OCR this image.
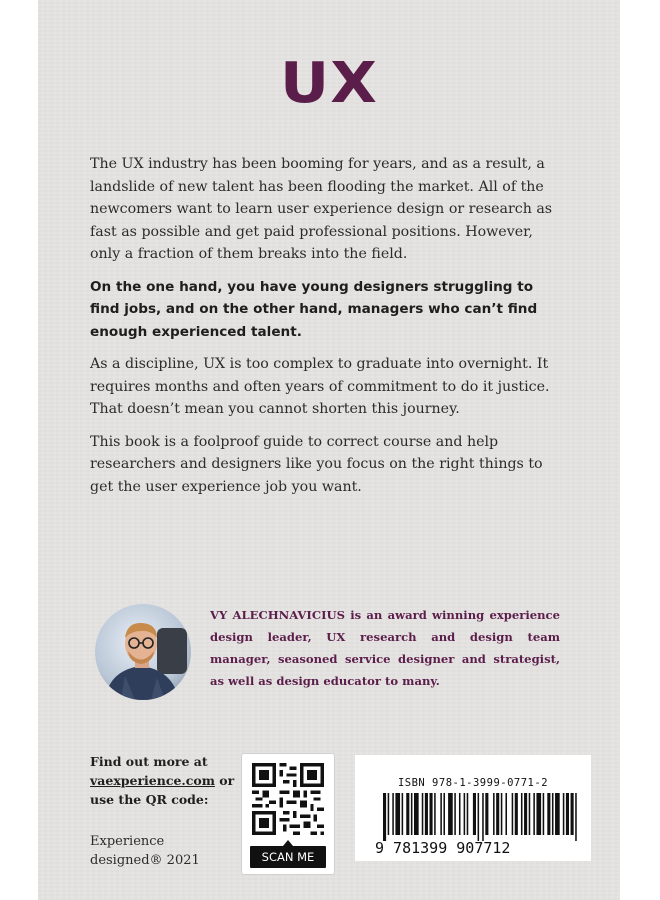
UX

The UX industry has been booming for years, and as a result, a landslide of new talent has been flooding the market. All of the newcomers want to learn user experience design or research as fast as possible and get paid professional positions. However, only a fraction of them breaks into the field.

On the one hand, you have young designers struggling to find jobs, and on the other hand, managers who can’t find enough experienced talent.

As a discipline, UX is too complex to graduate into overnight. It requires months and often years of commitment to do it justice. That doesn’t mean you cannot shorten this journey.

This book is a foolproof guide to correct course and help researchers and designers like you focus on the right things to get the user experience job you want.

VY ALECHNAVICIUS is an award winning experience design leader, UX research and design team manager, seasoned service designer and strategist, as well as design educator to many.
Find out more at
vaexperience.com or
use the QR code:
Experience
designed® 2021	SCAN ME
ISBN 978-1-3999-0771-2
9 781399 907712
